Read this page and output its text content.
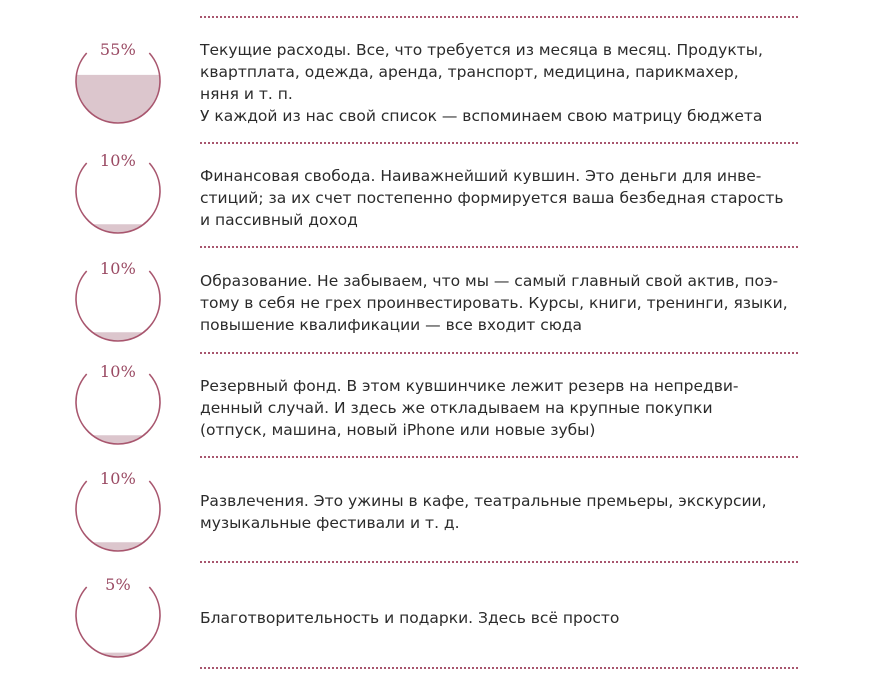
55%	Текущие расходы. Все, что требуется из месяца в месяц. Продукты,
квартплата, одежда, аренда, транспорт, медицина, парикмахер,
няня и т. п.
У каждой из нас свой список — вспоминаем свою матрицу бюджета
10%
Финансовая свобода. Наиважнейший кувшин. Это деньги для инве-
стиций; за их счет постепенно формируется ваша безбедная старость
и пассивный доход
10%
Образование. Не забываем, что мы — самый главный свой актив, поэ-
тому в себя не грех проинвестировать. Курсы, книги, тренинги, языки,
повышение квалификации — все входит сюда
10%
Резервный фонд. В этом кувшинчике лежит резерв на непредви-
денный случай. И здесь же откладываем на крупные покупки
(отпуск, машина, новый iPhone или новые зубы)
10%
Развлечения. Это ужины в кафе, театральные премьеры, экскурсии,
музыкальные фестивали и т. д.
5%
Благотворительность и подарки. Здесь всё просто
